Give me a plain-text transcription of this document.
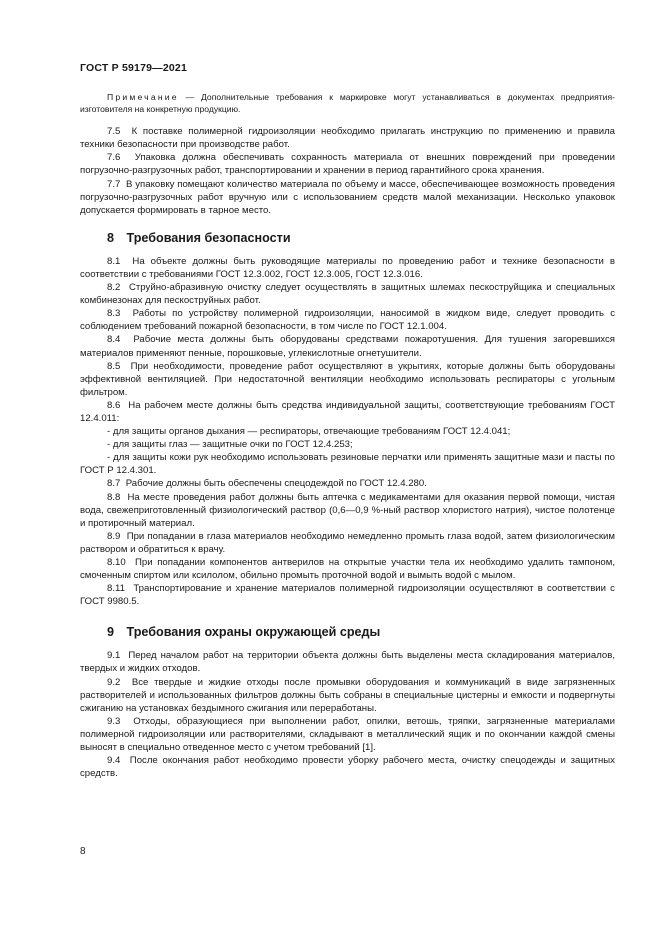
ГОСТ Р 59179—2021
Примечание — Дополнительные требования к маркировке могут устанавливаться в документах предприятия-изготовителя на конкретную продукцию.

7.5 К поставке полимерной гидроизоляции необходимо прилагать инструкцию по применению и правила техники безопасности при производстве работ.

7.6 Упаковка должна обеспечивать сохранность материала от внешних повреждений при проведении погрузочно-разгрузочных работ, транспортировании и хранении в период гарантийного срока хранения.

7.7 В упаковку помещают количество материала по объему и массе, обеспечивающее возможность проведения погрузочно-разгрузочных работ вручную или с использованием средств малой механизации. Несколько упаковок допускается формировать в тарное место.

8 Требования безопасности

8.1 На объекте должны быть руководящие материалы по проведению работ и технике безопасности в соответствии с требованиями ГОСТ 12.3.002, ГОСТ 12.3.005, ГОСТ 12.3.016.

8.2 Струйно-абразивную очистку следует осуществлять в защитных шлемах пескоструйщика и специальных комбинезонах для пескоструйных работ.

8.3 Работы по устройству полимерной гидроизоляции, наносимой в жидком виде, следует проводить с соблюдением требований пожарной безопасности, в том числе по ГОСТ 12.1.004.

8.4 Рабочие места должны быть оборудованы средствами пожаротушения. Для тушения загоревшихся материалов применяют пенные, порошковые, углекислотные огнетушители.

8.5 При необходимости, проведение работ осуществляют в укрытиях, которые должны быть оборудованы эффективной вентиляцией. При недостаточной вентиляции необходимо использовать респираторы с угольным фильтром.

8.6 На рабочем месте должны быть средства индивидуальной защиты, соответствующие требованиям ГОСТ 12.4.011:

- для защиты органов дыхания — респираторы, отвечающие требованиям ГОСТ 12.4.041;

- для защиты глаз — защитные очки по ГОСТ 12.4.253;

- для защиты кожи рук необходимо использовать резиновые перчатки или применять защитные мази и пасты по ГОСТ Р 12.4.301.

8.7 Рабочие должны быть обеспечены спецодеждой по ГОСТ 12.4.280.

8.8 На месте проведения работ должны быть аптечка с медикаментами для оказания первой помощи, чистая вода, свежеприготовленный физиологический раствор (0,6—0,9 %-ный раствор хлористого натрия), чистое полотенце и протирочный материал.

8.9 При попадании в глаза материалов необходимо немедленно промыть глаза водой, затем физиологическим раствором и обратиться к врачу.

8.10 При попадании компонентов антверилов на открытые участки тела их необходимо удалить тампоном, смоченным спиртом или ксилолом, обильно промыть проточной водой и вымыть водой с мылом.

8.11 Транспортирование и хранение материалов полимерной гидроизоляции осуществляют в соответствии с ГОСТ 9980.5.

9 Требования охраны окружающей среды

9.1 Перед началом работ на территории объекта должны быть выделены места складирования материалов, твердых и жидких отходов.

9.2 Все твердые и жидкие отходы после промывки оборудования и коммуникаций в виде загрязненных растворителей и использованных фильтров должны быть собраны в специальные цистерны и емкости и подвергнуты сжиганию на установках бездымного сжигания или переработаны.

9.3 Отходы, образующиеся при выполнении работ, опилки, ветошь, тряпки, загрязненные материалами полимерной гидроизоляции или растворителями, складывают в металлический ящик и по окончании каждой смены выносят в специально отведенное место с учетом требований [1].

9.4 После окончания работ необходимо провести уборку рабочего места, очистку спецодежды и защитных средств.

8
